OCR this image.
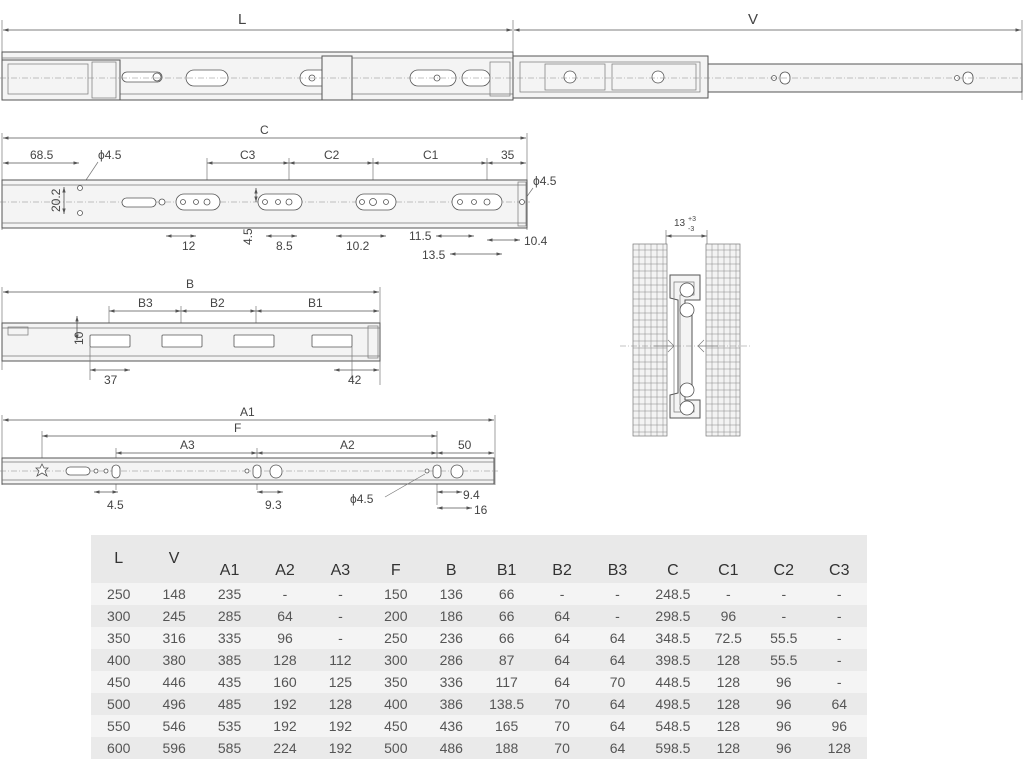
L	V
C
68.5	ϕ4.5	C3	C2	C1	35
ϕ4.5
20.2
4.5
12	8.5	10.2
11.5	10.4
13.5
B
B3	B2	B1
10
37	42
A1
F
A3	A2	50
4.5	9.3	ϕ4.5	9.4
16
13 +3
-3
L	V												
		A1	A2	A3	F	B	B1	B2	B3	C	C1	C2	C3
250	148	235	-	-	150	136	66	-	-	248.5	-	-	-
300	245	285	64	-	200	186	66	64	-	298.5	96	-	-
350	316	335	96	-	250	236	66	64	64	348.5	72.5	55.5	-
400	380	385	128	112	300	286	87	64	64	398.5	128	55.5	-
450	446	435	160	125	350	336	117	64	70	448.5	128	96	-
500	496	485	192	128	400	386	138.5	70	64	498.5	128	96	64
550	546	535	192	192	450	436	165	70	64	548.5	128	96	96
600	596	585	224	192	500	486	188	70	64	598.5	128	96	128
